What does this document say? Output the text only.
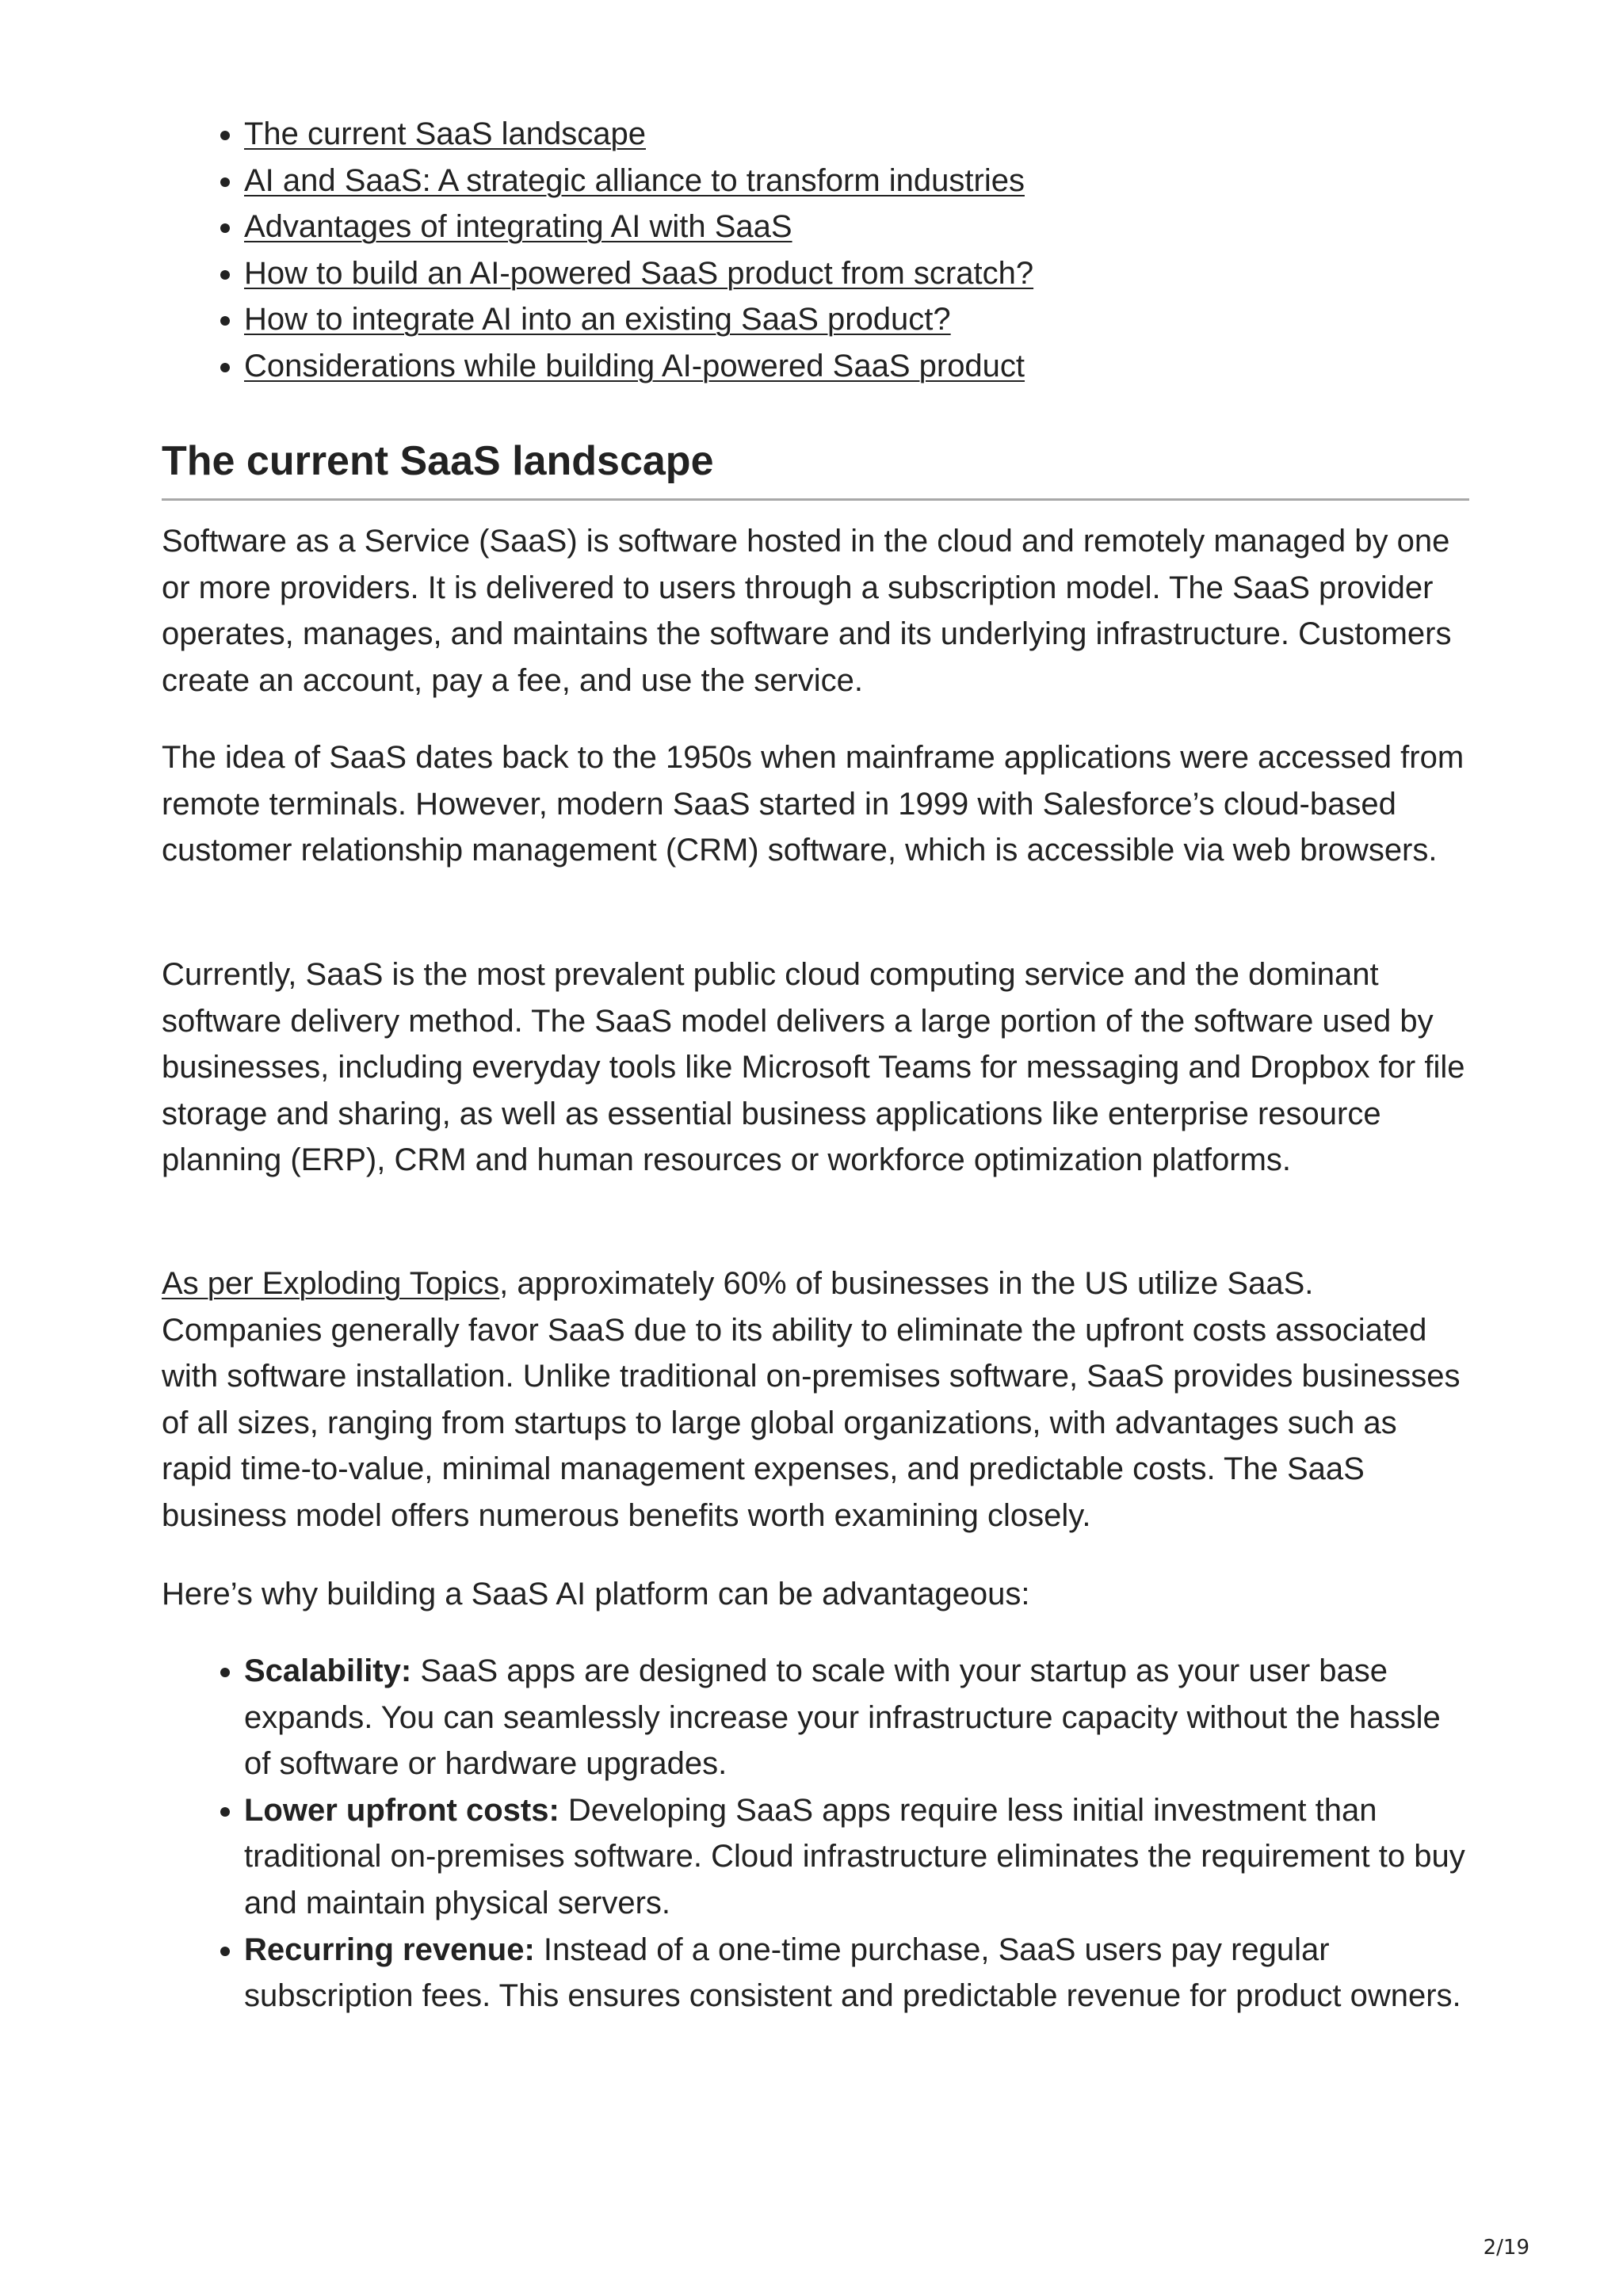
• The current SaaS landscape
• AI and SaaS: A strategic alliance to transform industries
• Advantages of integrating AI with SaaS
• How to build an AI-powered SaaS product from scratch?
• How to integrate AI into an existing SaaS product?
• Considerations while building AI-powered SaaS product
The current SaaS landscape

Software as a Service (SaaS) is software hosted in the cloud and remotely managed by one or more providers. It is delivered to users through a subscription model. The SaaS provider operates, manages, and maintains the software and its underlying infrastructure. Customers create an account, pay a fee, and use the service.

The idea of SaaS dates back to the 1950s when mainframe applications were accessed from remote terminals. However, modern SaaS started in 1999 with Salesforce’s cloud-based customer relationship management (CRM) software, which is accessible via web browsers.

Currently, SaaS is the most prevalent public cloud computing service and the dominant software delivery method. The SaaS model delivers a large portion of the software used by businesses, including everyday tools like Microsoft Teams for messaging and Dropbox for file storage and sharing, as well as essential business applications like enterprise resource planning (ERP), CRM and human resources or workforce optimization platforms.

As per Exploding Topics, approximately 60% of businesses in the US utilize SaaS. Companies generally favor SaaS due to its ability to eliminate the upfront costs associated with software installation. Unlike traditional on-premises software, SaaS provides businesses of all sizes, ranging from startups to large global organizations, with advantages such as rapid time-to-value, minimal management expenses, and predictable costs. The SaaS business model offers numerous benefits worth examining closely.

Here’s why building a SaaS AI platform can be advantageous:

• Scalability: SaaS apps are designed to scale with your startup as your user base expands. You can seamlessly increase your infrastructure capacity without the hassle of software or hardware upgrades.
• Lower upfront costs: Developing SaaS apps require less initial investment than traditional on-premises software. Cloud infrastructure eliminates the requirement to buy and maintain physical servers.
• Recurring revenue: Instead of a one-time purchase, SaaS users pay regular subscription fees. This ensures consistent and predictable revenue for product owners.
2/19
